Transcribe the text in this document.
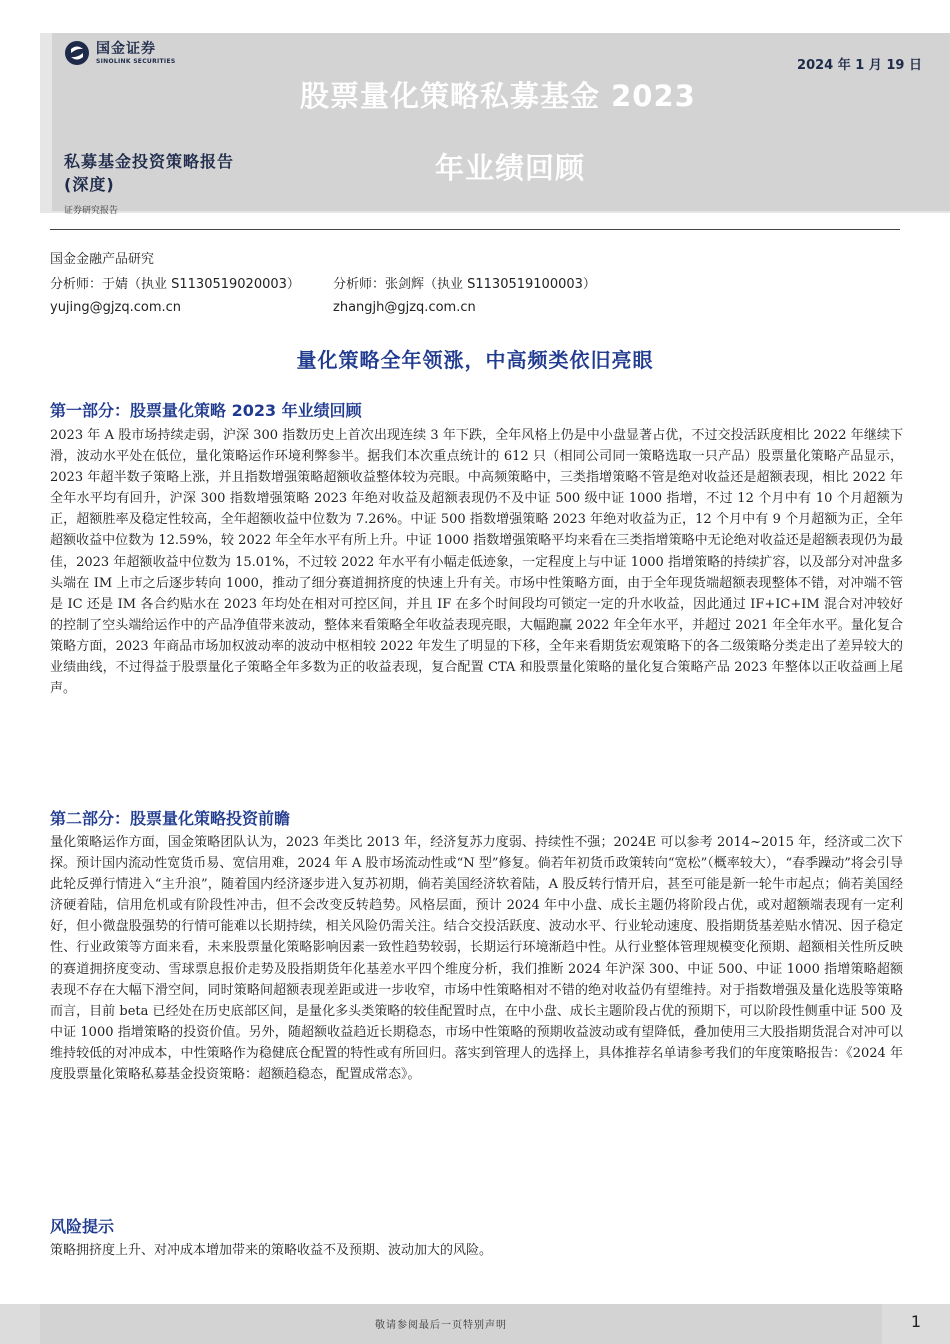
国金证券
SINOLINK SECURITIES	2024 年 1 月 19 日
股票量化策略私募基金 2023
年业绩回顾
私募基金投资策略报告
(深度)
证券研究报告
国金金融产品研究
分析师：于婧（执业 S1130519020003）	分析师：张剑辉（执业 S1130519100003）
yujing@gjzq.com.cn	zhangjh@gjzq.com.cn
量化策略全年领涨，中高频类依旧亮眼
第一部分：股票量化策略 2023 年业绩回顾

2023 年 A 股市场持续走弱，沪深 300 指数历史上首次出现连续 3 年下跌，全年风格上仍是中小盘显著占优，不过交投活跃度相比 2022 年继续下滑，波动水平处在低位，量化策略运作环境利弊参半。据我们本次重点统计的 612 只（相同公司同一策略选取一只产品）股票量化策略产品显示，2023 年超半数子策略上涨，并且指数增强策略超额收益整体较为亮眼。中高频策略中，三类指增策略不管是绝对收益还是超额表现，相比 2022 年全年水平均有回升，沪深 300 指数增强策略 2023 年绝对收益及超额表现仍不及中证 500 级中证 1000 指增，不过 12 个月中有 10 个月超额为正，超额胜率及稳定性较高，全年超额收益中位数为 7.26%。中证 500 指数增强策略 2023 年绝对收益为正，12 个月中有 9 个月超额为正，全年超额收益中位数为 12.59%，较 2022 年全年水平有所上升。中证 1000 指数增强策略平均来看在三类指增策略中无论绝对收益还是超额表现仍为最佳，2023 年超额收益中位数为 15.01%，不过较 2022 年水平有小幅走低迹象，一定程度上与中证 1000 指增策略的持续扩容，以及部分对冲盘多头端在 IM 上市之后逐步转向 1000，推动了细分赛道拥挤度的快速上升有关。市场中性策略方面，由于全年现货端超额表现整体不错，对冲端不管是 IC 还是 IM 各合约贴水在 2023 年均处在相对可控区间，并且 IF 在多个时间段均可锁定一定的升水收益，因此通过 IF+IC+IM 混合对冲较好的控制了空头端给运作中的产品净值带来波动，整体来看策略全年收益表现亮眼，大幅跑赢 2022 年全年水平，并超过 2021 年全年水平。量化复合策略方面，2023 年商品市场加权波动率的波动中枢相较 2022 年发生了明显的下移，全年来看期货宏观策略下的各二级策略分类走出了差异较大的业绩曲线，不过得益于股票量化子策略全年多数为正的收益表现，复合配置 CTA 和股票量化策略的量化复合策略产品 2023 年整体以正收益画上尾声。

第二部分：股票量化策略投资前瞻

量化策略运作方面，国金策略团队认为，2023 年类比 2013 年，经济复苏力度弱、持续性不强；2024E 可以参考 2014~2015 年，经济或二次下探。预计国内流动性宽货币易、宽信用难，2024 年 A 股市场流动性或“N 型”修复。倘若年初货币政策转向“宽松”（概率较大），“春季躁动”将会引导此轮反弹行情进入“主升浪”，随着国内经济逐步进入复苏初期，倘若美国经济软着陆，A 股反转行情开启，甚至可能是新一轮牛市起点；倘若美国经济硬着陆，信用危机或有阶段性冲击，但不会改变反转趋势。风格层面，预计 2024 年中小盘、成长主题仍将阶段占优，或对超额端表现有一定利好，但小微盘股强势的行情可能难以长期持续，相关风险仍需关注。结合交投活跃度、波动水平、行业轮动速度、股指期货基差贴水情况、因子稳定性、行业政策等方面来看，未来股票量化策略影响因素一致性趋势较弱，长期运行环境渐趋中性。从行业整体管理规模变化预期、超额相关性所反映的赛道拥挤度变动、雪球票息报价走势及股指期货年化基差水平四个维度分析，我们推断 2024 年沪深 300、中证 500、中证 1000 指增策略超额表现不存在大幅下滑空间，同时策略间超额表现差距或进一步收窄，市场中性策略相对不错的绝对收益仍有望维持。对于指数增强及量化选股等策略而言，目前 beta 已经处在历史底部区间，是量化多头类策略的较佳配置时点，在中小盘、成长主题阶段占优的预期下，可以阶段性侧重中证 500 及中证 1000 指增策略的投资价值。另外，随超额收益趋近长期稳态，市场中性策略的预期收益波动或有望降低，叠加使用三大股指期货混合对冲可以维持较低的对冲成本，中性策略作为稳健底仓配置的特性或有所回归。落实到管理人的选择上，具体推荐名单请参考我们的年度策略报告：《2024 年度股票量化策略私募基金投资策略：超额趋稳态，配置成常态》。

风险提示

策略拥挤度上升、对冲成本增加带来的策略收益不及预期、波动加大的风险。

敬请参阅最后一页特别声明	1
